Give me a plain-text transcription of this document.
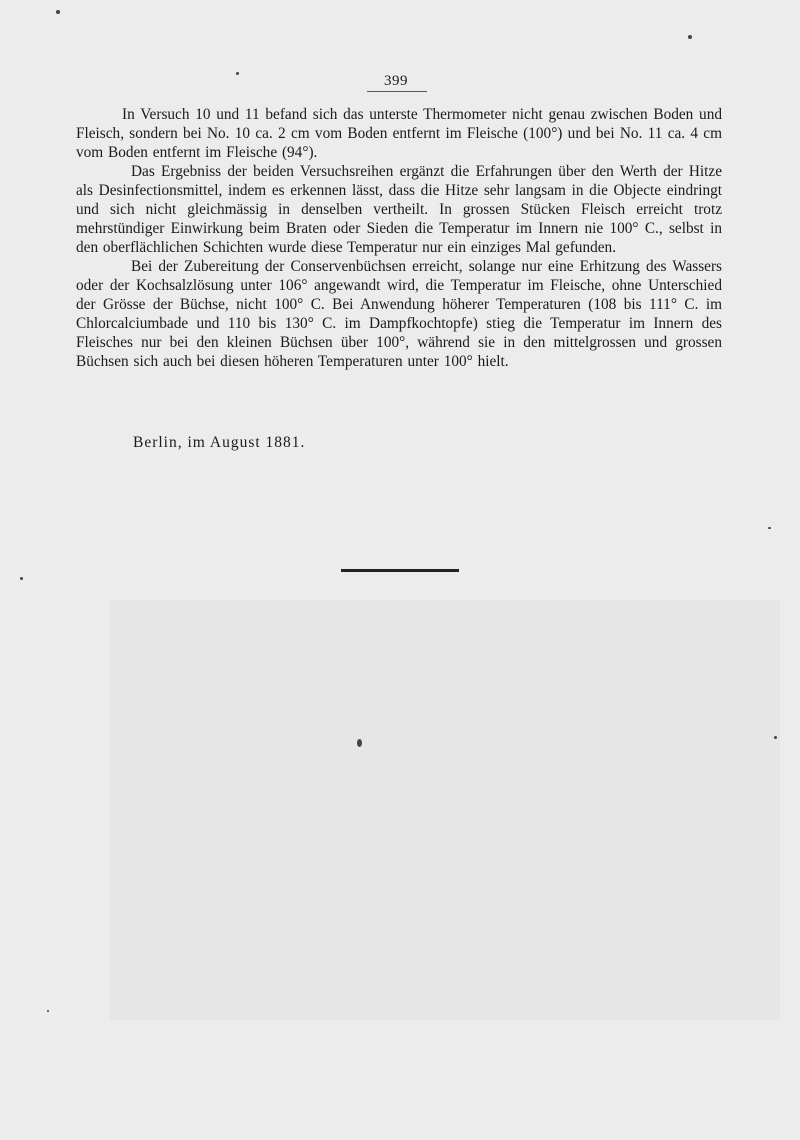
399

In Versuch 10 und 11 befand sich das unterste Thermometer nicht genau zwischen Boden und Fleisch, sondern bei No. 10 ca. 2 cm vom Boden entfernt im Fleische (100°) und bei No. 11 ca. 4 cm vom Boden entfernt im Fleische (94°).

Das Ergebniss der beiden Versuchsreihen ergänzt die Erfahrungen über den Werth der Hitze als Desinfectionsmittel, indem es erkennen lässt, dass die Hitze sehr langsam in die Objecte eindringt und sich nicht gleichmässig in denselben vertheilt. In grossen Stücken Fleisch erreicht trotz mehrstündiger Einwirkung beim Braten oder Sieden die Temperatur im Innern nie 100° C., selbst in den oberflächlichen Schichten wurde diese Temperatur nur ein einziges Mal gefunden.

Bei der Zubereitung der Conservenbüchsen erreicht, solange nur eine Erhitzung des Wassers oder der Kochsalzlösung unter 106° angewandt wird, die Temperatur im Fleische, ohne Unterschied der Grösse der Büchse, nicht 100° C. Bei Anwendung höherer Temperaturen (108 bis 111° C. im Chlorcalciumbade und 110 bis 130° C. im Dampfkochtopfe) stieg die Temperatur im Innern des Fleisches nur bei den kleinen Büchsen über 100°, während sie in den mittelgrossen und grossen Büchsen sich auch bei diesen höheren Temperaturen unter 100° hielt.

Berlin, im August 1881.
